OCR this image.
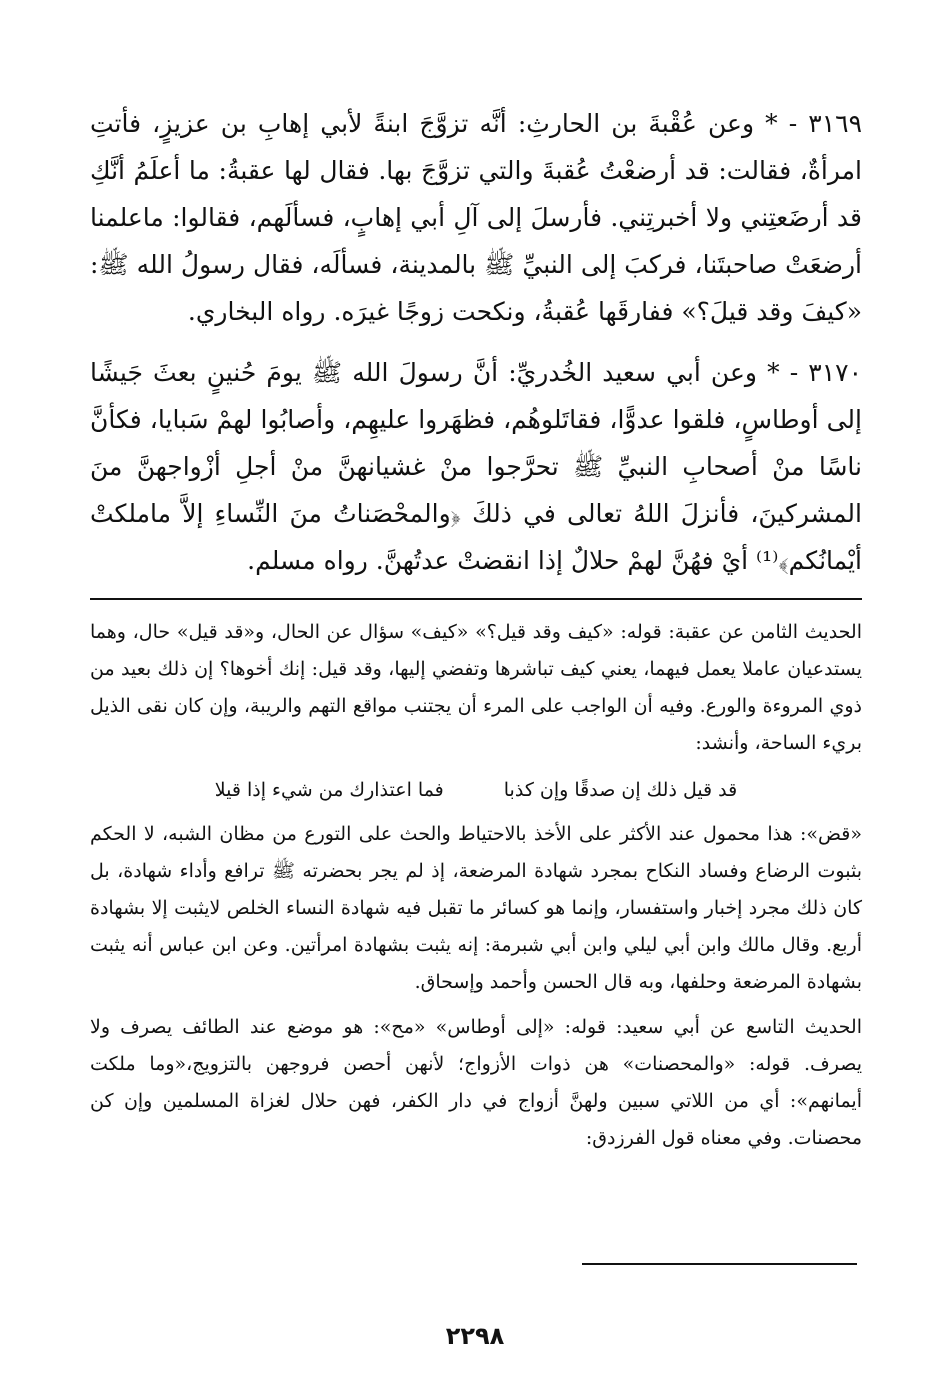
٣١٦٩ - * وعن عُقْبةَ بن الحارثِ: أنَّه تزوَّجَ ابنةً لأبي إهابِ بن عزيزٍ، فأتتِ امرأةٌ، فقالت: قد أرضعْتُ عُقبةَ والتي تزوَّجَ بها. فقال لها عقبةُ: ما أعلَمُ أنَّكِ قد أرضَعتِني ولا أخبرتِني. فأرسلَ إلى آلِ أبي إهابٍ، فسألَهم، فقالوا: ماعلمنا أرضعَتْ صاحبتَنا، فركبَ إلى النبيِّ ﷺ بالمدينة، فسألَه، فقال رسولُ الله ﷺ: «كيفَ وقد قيلَ؟» ففارقَها عُقبةُ، ونكحت زوجًا غيرَه. رواه البخاري.

٣١٧٠ - * وعن أبي سعيد الخُدريِّ: أنَّ رسولَ الله ﷺ يومَ حُنينٍ بعثَ جَيشًا إلى أوطاسٍ، فلقوا عدوًّا، فقاتَلوهُم، فظهَروا عليهِم، وأصابُوا لهمْ سَبايا، فكأنَّ ناسًا منْ أصحابِ النبيِّ ﷺ تحرَّجوا منْ غشيانهنَّ منْ أجلِ أزْواجهنَّ منَ المشركينَ، فأنزلَ اللهُ تعالى في ذلكَ ﴿والمحْصَناتُ منَ النِّساءِ إلاَّ ماملكتْ أيْمانُكم﴾⁽¹⁾ أيْ فهُنَّ لهمْ حلالٌ إذا انقضتْ عدتُهنَّ. رواه مسلم.

الحديث الثامن عن عقبة: قوله: «كيف وقد قيل؟» «كيف» سؤال عن الحال، و«قد قيل» حال، وهما يستدعيان عاملا يعمل فيهما، يعني كيف تباشرها وتفضي إليها، وقد قيل: إنك أخوها؟ إن ذلك بعيد من ذوي المروءة والورع. وفيه أن الواجب على المرء أن يجتنب مواقع التهم والريبة، وإن كان نقى الذيل بريء الساحة، وأنشد:

قد قيل ذلك إن صدقًا وإن كذبا
فما اعتذارك من شيء إذا قيلا

«قض»: هذا محمول عند الأكثر على الأخذ بالاحتياط والحث على التورع من مظان الشبه، لا الحكم بثبوت الرضاع وفساد النكاح بمجرد شهادة المرضعة، إذ لم يجر بحضرته ﷺ ترافع وأداء شهادة، بل كان ذلك مجرد إخبار واستفسار، وإنما هو كسائر ما تقبل فيه شهادة النساء الخلص لايثبت إلا بشهادة أربع. وقال مالك وابن أبي ليلي وابن أبي شبرمة: إنه يثبت بشهادة امرأتين. وعن ابن عباس أنه يثبت بشهادة المرضعة وحلفها، وبه قال الحسن وأحمد وإسحاق.

الحديث التاسع عن أبي سعيد: قوله: «إلى أوطاس» «مح»: هو موضع عند الطائف يصرف ولا يصرف. قوله: «والمحصنات» هن ذوات الأزواج؛ لأنهن أحصن فروجهن بالتزويج،«وما ملكت أيمانهم»: أي من اللاتي سبين ولهنَّ أزواج في دار الكفر، فهن حلال لغزاة المسلمين وإن كن محصنات. وفي معناه قول الفرزدق:

٢٢٩٨
